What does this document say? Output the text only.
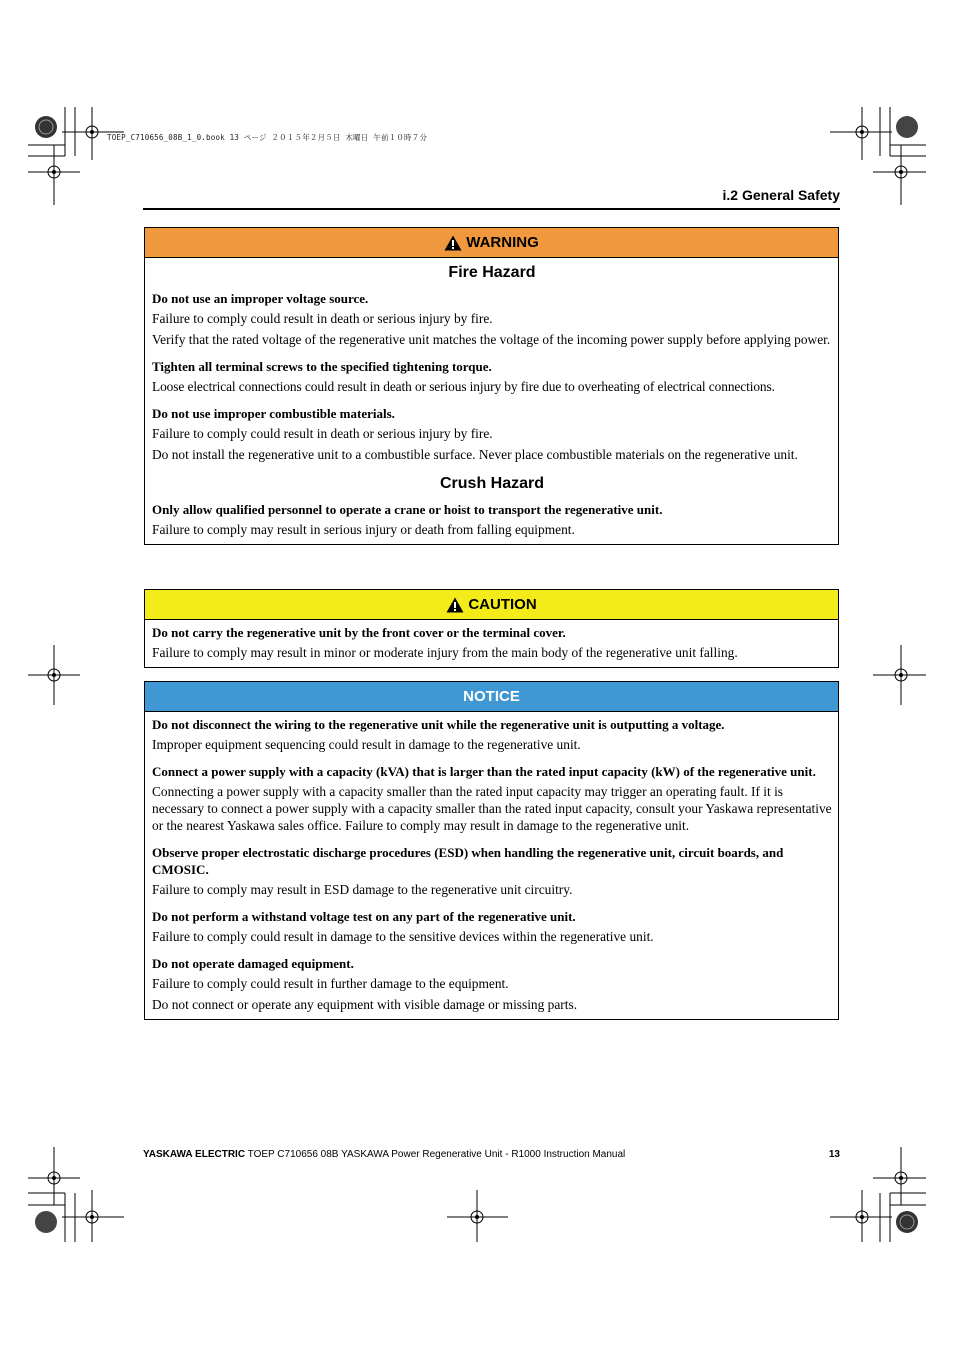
TOEP_C710656_08B_1_0.book 13 ページ ２０１５年２月５日 木曜日 午前１０時７分
i.2 General Safety
WARNING
Fire Hazard
Do not use an improper voltage source.
Failure to comply could result in death or serious injury by fire.
Verify that the rated voltage of the regenerative unit matches the voltage of the incoming power supply before applying power.
Tighten all terminal screws to the specified tightening torque.
Loose electrical connections could result in death or serious injury by fire due to overheating of electrical connections.
Do not use improper combustible materials.
Failure to comply could result in death or serious injury by fire.
Do not install the regenerative unit to a combustible surface. Never place combustible materials on the regenerative unit.
Crush Hazard
Only allow qualified personnel to operate a crane or hoist to transport the regenerative unit.
Failure to comply may result in serious injury or death from falling equipment.
CAUTION
Do not carry the regenerative unit by the front cover or the terminal cover.
Failure to comply may result in minor or moderate injury from the main body of the regenerative unit falling.
NOTICE
Do not disconnect the wiring to the regenerative unit while the regenerative unit is outputting a voltage.
Improper equipment sequencing could result in damage to the regenerative unit.
Connect a power supply with a capacity (kVA) that is larger than the rated input capacity (kW) of the regenerative unit.
Connecting a power supply with a capacity smaller than the rated input capacity may trigger an operating fault. If it is necessary to connect a power supply with a capacity smaller than the rated input capacity, consult your Yaskawa representative or the nearest Yaskawa sales office. Failure to comply may result in damage to the regenerative unit.
Observe proper electrostatic discharge procedures (ESD) when handling the regenerative unit, circuit boards, and CMOSIC.
Failure to comply may result in ESD damage to the regenerative unit circuitry.
Do not perform a withstand voltage test on any part of the regenerative unit.
Failure to comply could result in damage to the sensitive devices within the regenerative unit.
Do not operate damaged equipment.
Failure to comply could result in further damage to the equipment.
Do not connect or operate any equipment with visible damage or missing parts.
YASKAWA ELECTRIC TOEP C710656 08B YASKAWA Power Regenerative Unit - R1000 Instruction Manual	13
